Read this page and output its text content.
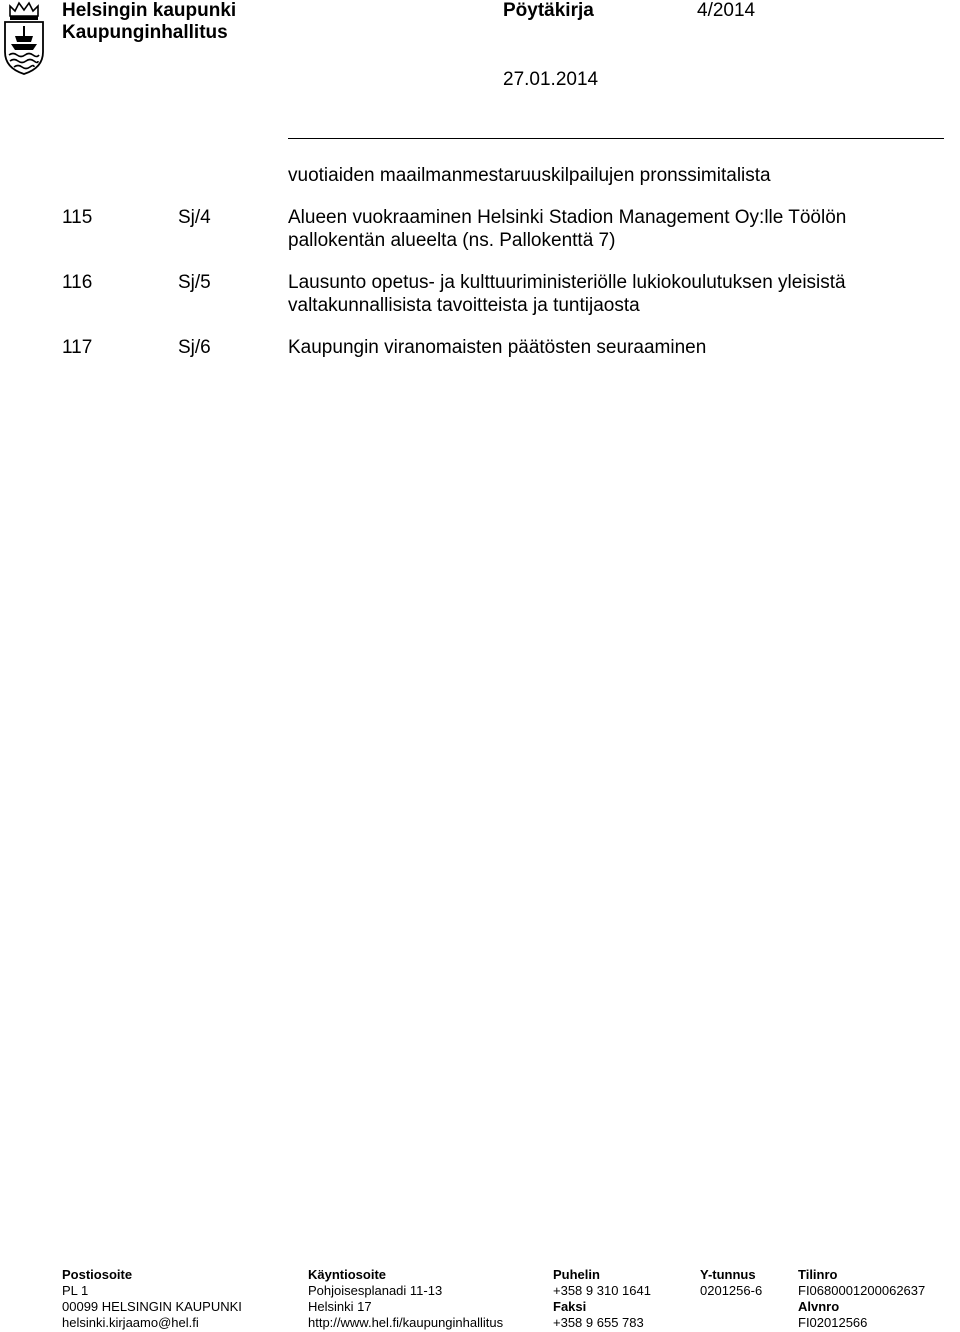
Helsingin kaupunki
Kaupunginhallitus
Pöytäkirja	4/2014
27.01.2014
vuotiaiden maailmanmestaruuskilpailujen pronssimitalista
115	Sj/4	Alueen vuokraaminen Helsinki Stadion Management Oy:lle Töölön
pallokentän alueelta (ns. Pallokenttä 7)
116	Sj/5	Lausunto opetus- ja kulttuuriministeriölle lukiokoulutuksen yleisistä
valtakunnallisista tavoitteista ja tuntijaosta
117	Sj/6	Kaupungin viranomaisten päätösten seuraaminen
Postiosoite
PL 1
00099 HELSINGIN KAUPUNKI
helsinki.kirjaamo@hel.fi
Käyntiosoite
Pohjoisesplanadi 11-13
Helsinki 17
http://www.hel.fi/kaupunginhallitus
Puhelin
+358 9 310 1641
Faksi
+358 9 655 783
Y-tunnus
0201256-6
Tilinro
FI0680001200062637
Alvnro
FI02012566
